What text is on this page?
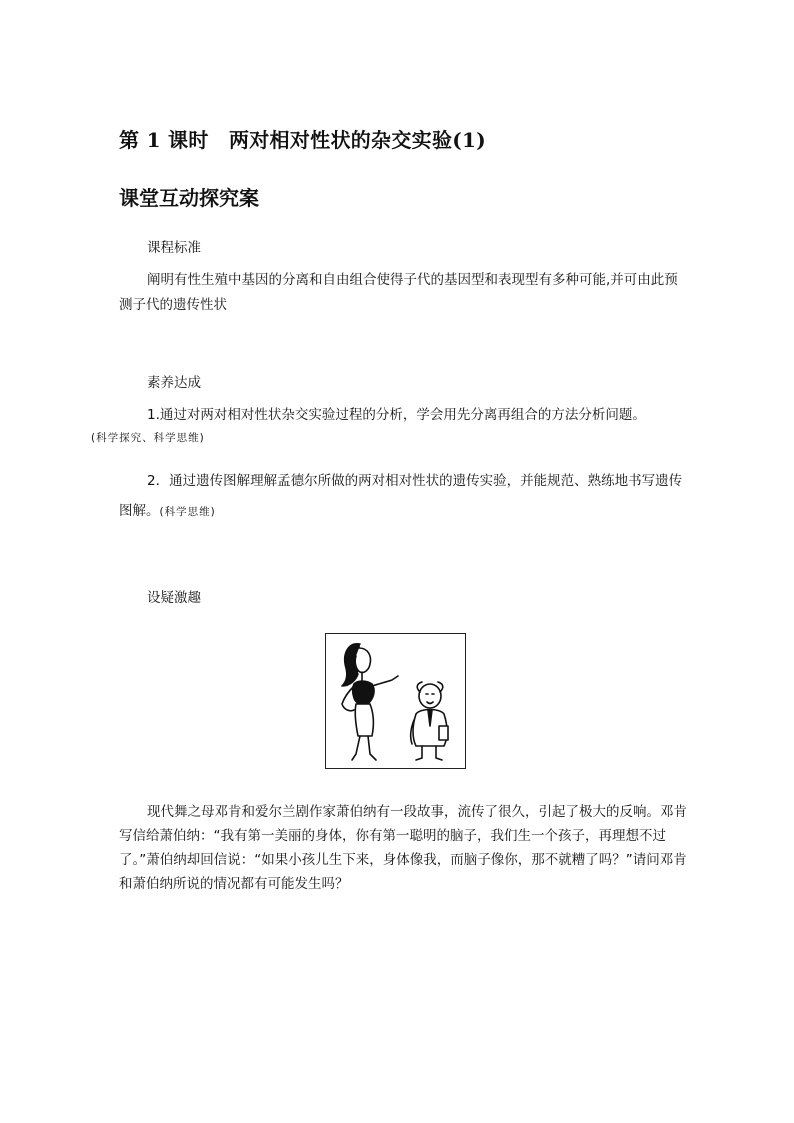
第 1 课时　两对相对性状的杂交实验(1)
课堂互动探究案
课程标准
阐明有性生殖中基因的分离和自由组合使得子代的基因型和表现型有多种可能,并可由此预测子代的遗传性状
素养达成
1.通过对两对相对性状杂交实验过程的分析，学会用先分离再组合的方法分析问题。
(科学探究、科学思维)
2．通过遗传图解理解孟德尔所做的两对相对性状的遗传实验，并能规范、熟练地书写遗传图解。(科学思维)
设疑激趣
现代舞之母邓肯和爱尔兰剧作家萧伯纳有一段故事，流传了很久，引起了极大的反响。邓肯写信给萧伯纳：“我有第一美丽的身体，你有第一聪明的脑子，我们生一个孩子，再理想不过了。”萧伯纳却回信说：“如果小孩儿生下来，身体像我，而脑子像你，那不就糟了吗？”请问邓肯和萧伯纳所说的情况都有可能发生吗？
